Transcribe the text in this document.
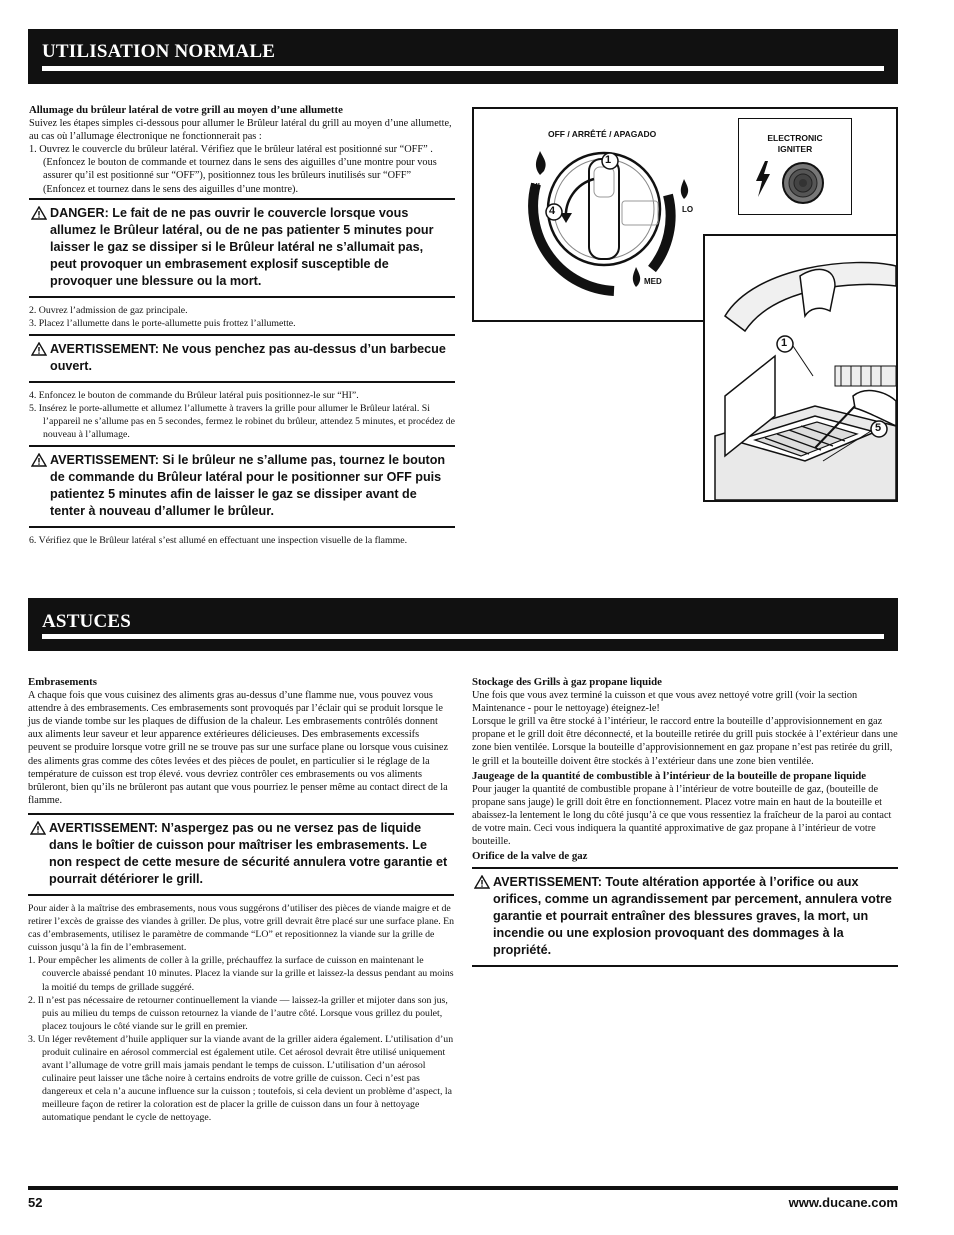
UTILISATION NORMALE

Allumage du brûleur latéral de votre grill au moyen d’une allumette

Suivez les étapes simples ci-dessous pour allumer le Brûleur latéral du grill au moyen d’une allumette, au cas où l’allumage électronique ne fonctionnerait pas :

1. Ouvrez le couvercle du brûleur latéral. Vérifiez que le brûleur latéral est positionné sur “OFF” . (Enfoncez le bouton de commande et tournez dans le sens des aiguilles d’une montre pour vous assurer qu’il est positionné sur “OFF”), positionnez tous les brûleurs inutilisés sur “OFF” (Enfoncez et tournez dans le sens des aiguilles d’une montre).

DANGER: Le fait de ne pas ouvrir le couvercle lorsque vous allumez le Brûleur latéral, ou de ne pas patienter 5 minutes pour laisser le gaz se dissiper si le Brûleur latéral ne s’allumait pas, peut provoquer un embrasement explosif susceptible de provoquer une blessure ou la mort.

2. Ouvrez l’admission de gaz principale.

3. Placez l’allumette dans le porte-allumette puis frottez l’allumette.

AVERTISSEMENT: Ne vous penchez pas au-dessus d’un barbecue ouvert.

4. Enfoncez le bouton de commande du Brûleur latéral puis positionnez-le sur “HI”.

5. Insérez le porte-allumette et allumez l’allumette à travers la grille pour allumer le Brûleur latéral. Si l’appareil ne s’allume pas en 5 secondes, fermez le robinet du brûleur, attendez 5 minutes, et procédez de nouveau à l’allumage.

AVERTISSEMENT: Si le brûleur ne s’allume pas, tournez le bouton de commande du Brûleur latéral pour le positionner sur OFF puis patientez 5 minutes afin de laisser le gaz se dissiper avant de tenter à nouveau d’allumer le brûleur.

6. Vérifiez que le Brûleur latéral s’est allumé en effectuant une inspection visuelle de la flamme.

OFF / ARRÊTÉ / APAGADO
HI
LO
MED
1
4
ELECTRONIC
IGNITER
1
5
ASTUCES

Embrasements

A chaque fois que vous cuisinez des aliments gras au-dessus d’une flamme nue, vous pouvez vous attendre à des embrasements. Ces embrasements sont provoqués par l’éclair qui se produit lorsque le jus de viande tombe sur les plaques de diffusion de la chaleur. Les embrasements contrôlés donnent aux aliments leur saveur et leur apparence extérieures délicieuses. Des embrasements excessifs peuvent se produire lorsque votre grill ne se trouve pas sur une surface plane ou lorsque vous cuisinez des aliments gras comme des côtes levées et des pièces de poulet, en particulier si le réglage de la température de cuisson est trop élevé. vous devriez contrôler ces embrasements ou vos aliments brûleront, bien qu’ils ne brûleront pas autant que vous pourriez le penser même au contact direct de la flamme.

AVERTISSEMENT: N’aspergez pas ou ne versez pas de liquide dans le boîtier de cuisson pour maîtriser les embrasements. Le non respect de cette mesure de sécurité annulera votre garantie et pourrait détériorer le grill.

Pour aider à la maîtrise des embrasements, nous vous suggérons d’utiliser des pièces de viande maigre et de retirer l’excès de graisse des viandes à griller. De plus, votre grill devrait être placé sur une surface plane. En cas d’embrasements, utilisez le paramètre de commande “LO” et repositionnez la viande sur la grille de cuisson jusqu’à la fin de l’embrasement.

1. Pour empêcher les aliments de coller à la grille, préchauffez la surface de cuisson en maintenant le couvercle abaissé pendant 10 minutes. Placez la viande sur la grille et laissez-la dessus pendant au moins la moitié du temps de grillade suggéré.

2. Il n’est pas nécessaire de retourner continuellement la viande — laissez-la griller et mijoter dans son jus, puis au milieu du temps de cuisson retournez la viande de l’autre côté. Lorsque vous grillez du poulet, placez toujours le côté viande sur le grill en premier.

3. Un léger revêtement d’huile appliquer sur la viande avant de la griller aidera également. L’utilisation d’un produit culinaire en aérosol commercial est également utile. Cet aérosol devrait être utilisé uniquement avant l’allumage de votre grill mais jamais pendant le temps de cuisson. L’utilisation d’un aérosol culinaire peut laisser une tâche noire à certains endroits de votre grille de cuisson. Ceci n’est pas dangereux et cela n’a aucune influence sur la cuisson ; toutefois, si cela devient un problème d’aspect, la meilleure façon de retirer la coloration est de placer la grille de cuisson dans un four à nettoyage automatique pendant le cycle de nettoyage.

Stockage des Grills à gaz propane liquide

Une fois que vous avez terminé la cuisson et que vous avez nettoyé votre grill (voir la section Maintenance - pour le nettoyage) éteignez-le!

Lorsque le grill va être stocké à l’intérieur, le raccord entre la bouteille d’approvisionnement en gaz propane et le grill doit être déconnecté, et la bouteille retirée du grill puis stockée à l’extérieur dans une zone bien ventilée. Lorsque la bouteille d’approvisionnement en gaz propane n’est pas retirée du grill, le grill et la bouteille doivent être stockés à l’extérieur dans une zone bien ventilée.

Jaugeage de la quantité de combustible à l’intérieur de la bouteille de propane liquide

Pour jauger la quantité de combustible propane à l’intérieur de votre bouteille de gaz, (bouteille de propane sans jauge) le grill doit être en fonctionnement. Placez votre main en haut de la bouteille et abaissez-la lentement le long du côté jusqu’à ce que vous ressentiez la fraîcheur de la paroi au contact de votre main. Ceci vous indiquera la quantité approximative de gaz propane à l’intérieur de votre bouteille.

Orifice de la valve de gaz

AVERTISSEMENT: Toute altération apportée à l’orifice ou aux orifices, comme un agrandissement par percement, annulera votre garantie et pourrait entraîner des blessures graves, la mort, un incendie ou une explosion provoquant des dommages à la propriété.
52	www.ducane.com
